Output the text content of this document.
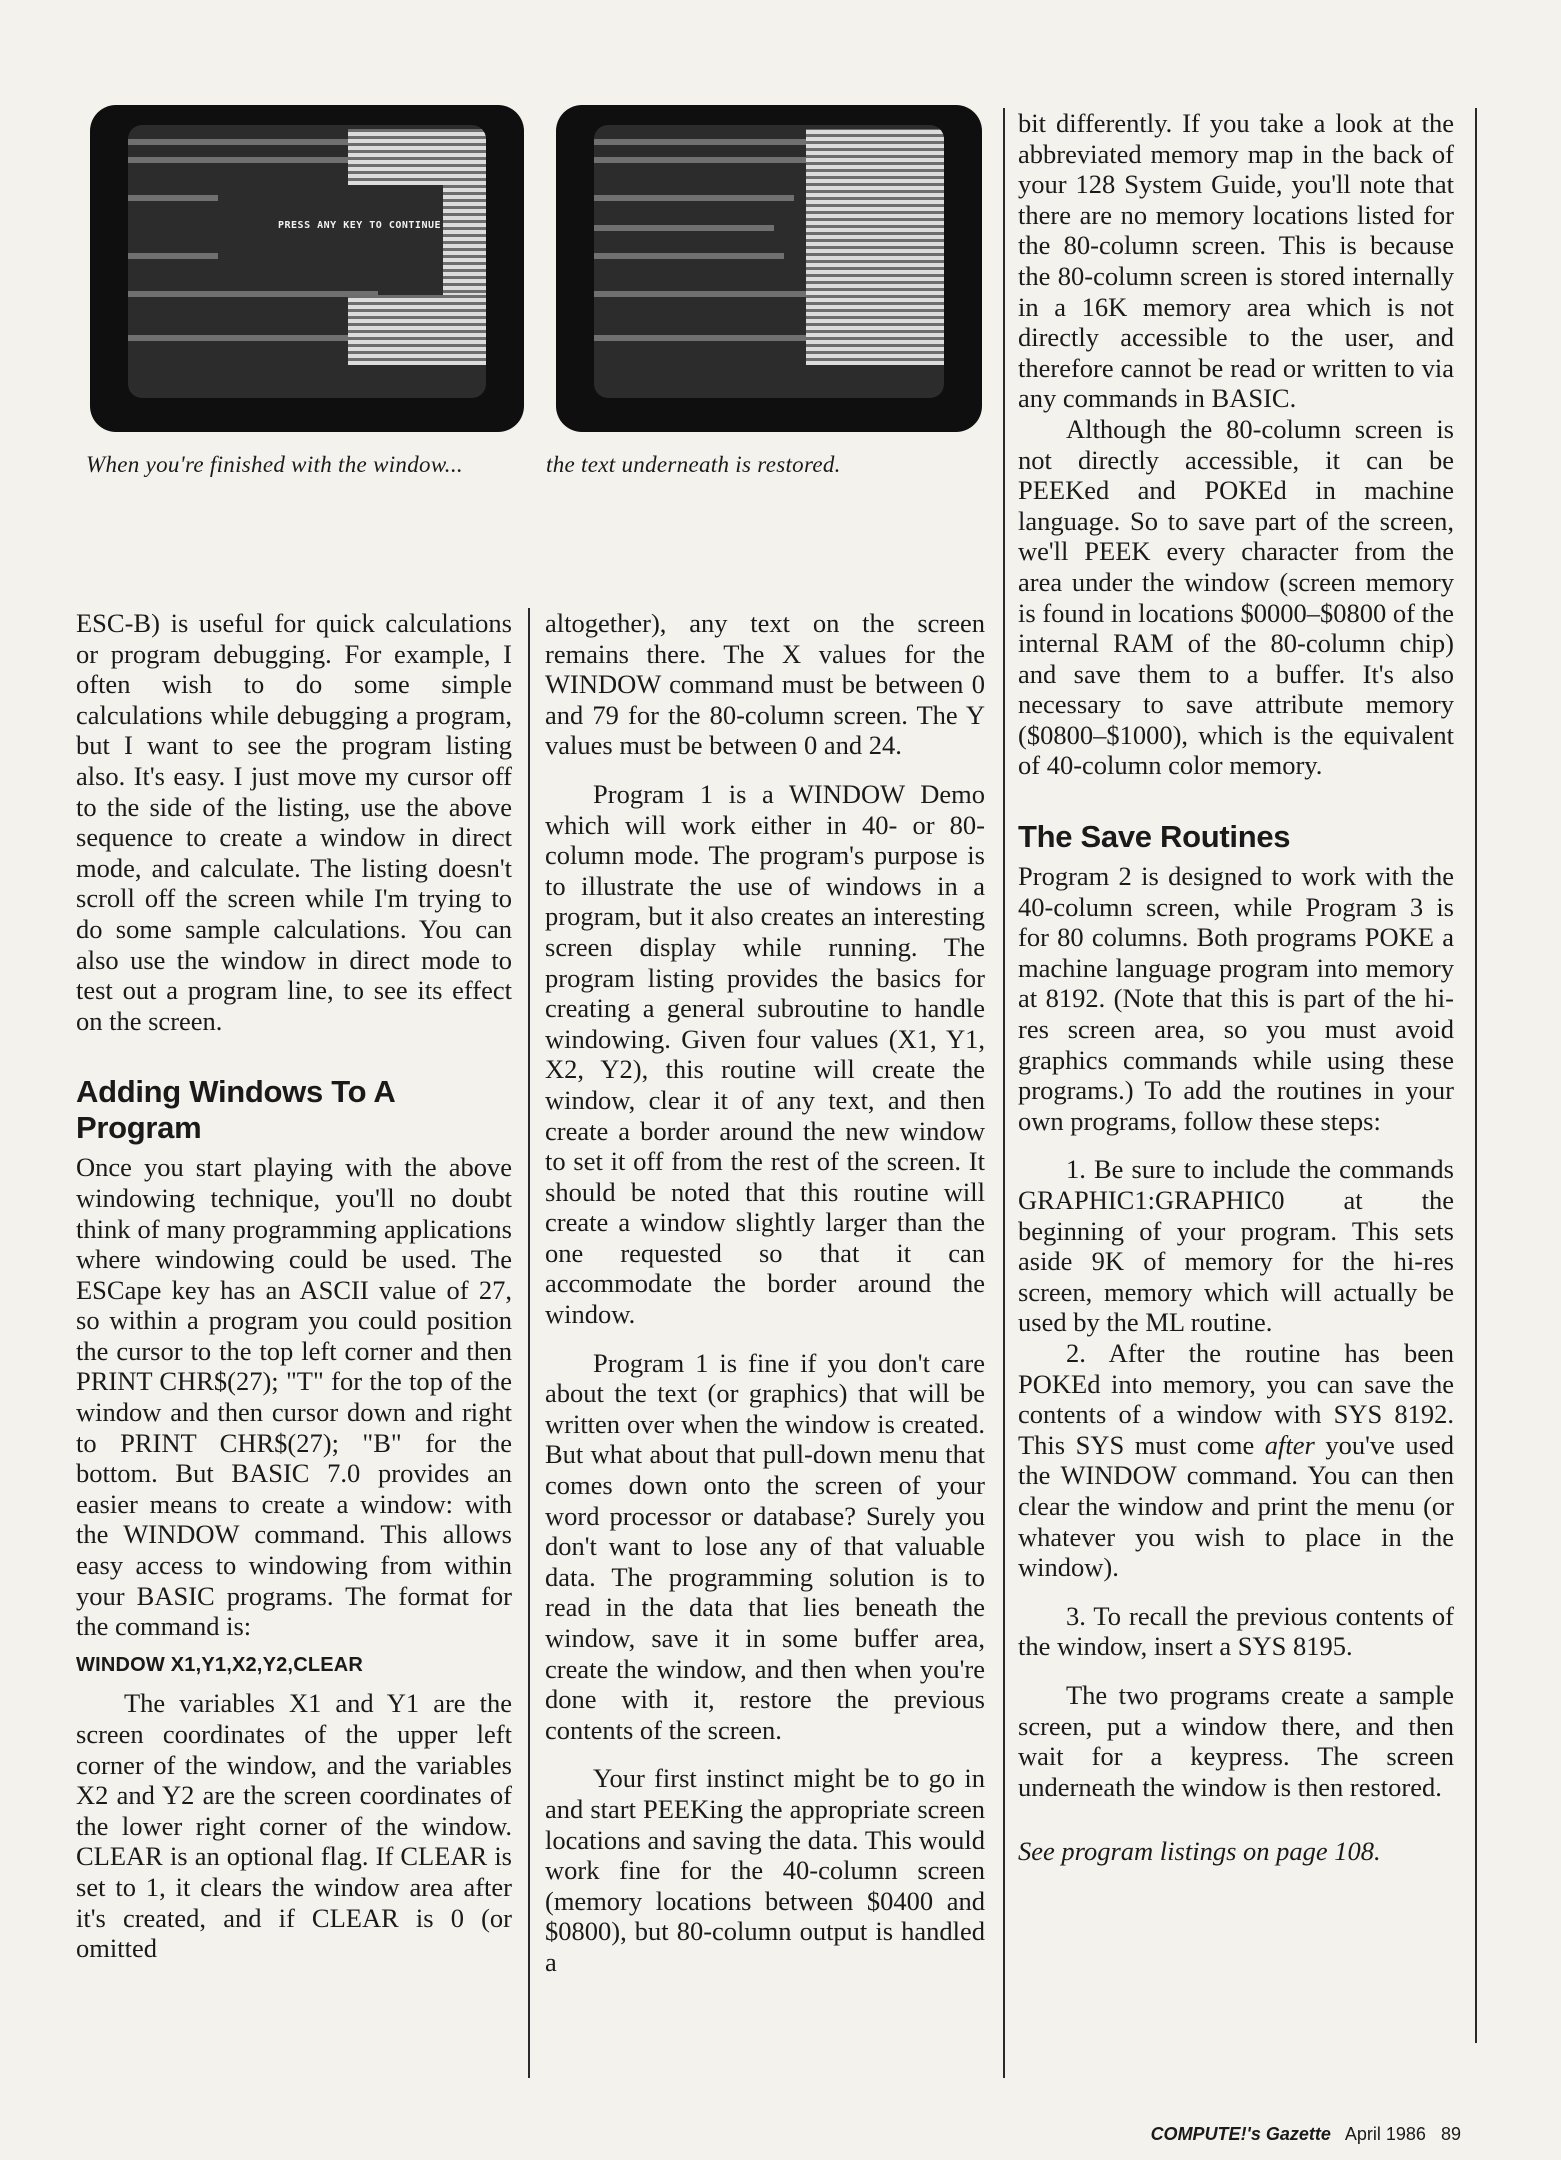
PRESS ANY KEY TO CONTINUE
When you're finished with the window...	the text underneath is restored.

ESC-B) is useful for quick calculations or program debugging. For example, I often wish to do some simple calculations while debugging a program, but I want to see the program listing also. It's easy. I just move my cursor off to the side of the listing, use the above sequence to create a window in direct mode, and calculate. The listing doesn't scroll off the screen while I'm trying to do some sample calculations. You can also use the window in direct mode to test out a program line, to see its effect on the screen.

Adding Windows To A Program

Once you start playing with the above windowing technique, you'll no doubt think of many programming applications where windowing could be used. The ESCape key has an ASCII value of 27, so within a program you could position the cursor to the top left corner and then PRINT CHR$(27); "T" for the top of the window and then cursor down and right to PRINT CHR$(27); "B" for the bottom. But BASIC 7.0 provides an easier means to create a window: with the WINDOW command. This allows easy access to windowing from within your BASIC programs. The format for the command is:

WINDOW X1,Y1,X2,Y2,CLEAR

The variables X1 and Y1 are the screen coordinates of the upper left corner of the window, and the variables X2 and Y2 are the screen coordinates of the lower right corner of the window. CLEAR is an optional flag. If CLEAR is set to 1, it clears the window area after it's created, and if CLEAR is 0 (or omitted

altogether), any text on the screen remains there. The X values for the WINDOW command must be between 0 and 79 for the 80-column screen. The Y values must be between 0 and 24.

Program 1 is a WINDOW Demo which will work either in 40- or 80-column mode. The program's purpose is to illustrate the use of windows in a program, but it also creates an interesting screen display while running. The program listing provides the basics for creating a general subroutine to handle windowing. Given four values (X1, Y1, X2, Y2), this routine will create the window, clear it of any text, and then create a border around the new window to set it off from the rest of the screen. It should be noted that this routine will create a window slightly larger than the one requested so that it can accommodate the border around the window.

Program 1 is fine if you don't care about the text (or graphics) that will be written over when the window is created. But what about that pull-down menu that comes down onto the screen of your word processor or database? Surely you don't want to lose any of that valuable data. The programming solution is to read in the data that lies beneath the window, save it in some buffer area, create the window, and then when you're done with it, restore the previous contents of the screen.

Your first instinct might be to go in and start PEEKing the appropriate screen locations and saving the data. This would work fine for the 40-column screen (memory locations between $0400 and $0800), but 80-column output is handled a

bit differently. If you take a look at the abbreviated memory map in the back of your 128 System Guide, you'll note that there are no memory locations listed for the 80-column screen. This is because the 80-column screen is stored internally in a 16K memory area which is not directly accessible to the user, and therefore cannot be read or written to via any commands in BASIC.

Although the 80-column screen is not directly accessible, it can be PEEKed and POKEd in machine language. So to save part of the screen, we'll PEEK every character from the area under the window (screen memory is found in locations $0000–$0800 of the internal RAM of the 80-column chip) and save them to a buffer. It's also necessary to save attribute memory ($0800–$1000), which is the equivalent of 40-column color memory.

The Save Routines

Program 2 is designed to work with the 40-column screen, while Program 3 is for 80 columns. Both programs POKE a machine language program into memory at 8192. (Note that this is part of the hi-res screen area, so you must avoid graphics commands while using these programs.) To add the routines in your own programs, follow these steps:

1. Be sure to include the commands GRAPHIC1:GRAPHIC0 at the beginning of your program. This sets aside 9K of memory for the hi-res screen, memory which will actually be used by the ML routine.

2. After the routine has been POKEd into memory, you can save the contents of a window with SYS 8192. This SYS must come after you've used the WINDOW command. You can then clear the window and print the menu (or whatever you wish to place in the window).

3. To recall the previous contents of the window, insert a SYS 8195.

The two programs create a sample screen, put a window there, and then wait for a keypress. The screen underneath the window is then restored.

See program listings on page 108.

COMPUTE!'s Gazette April 1986 89
